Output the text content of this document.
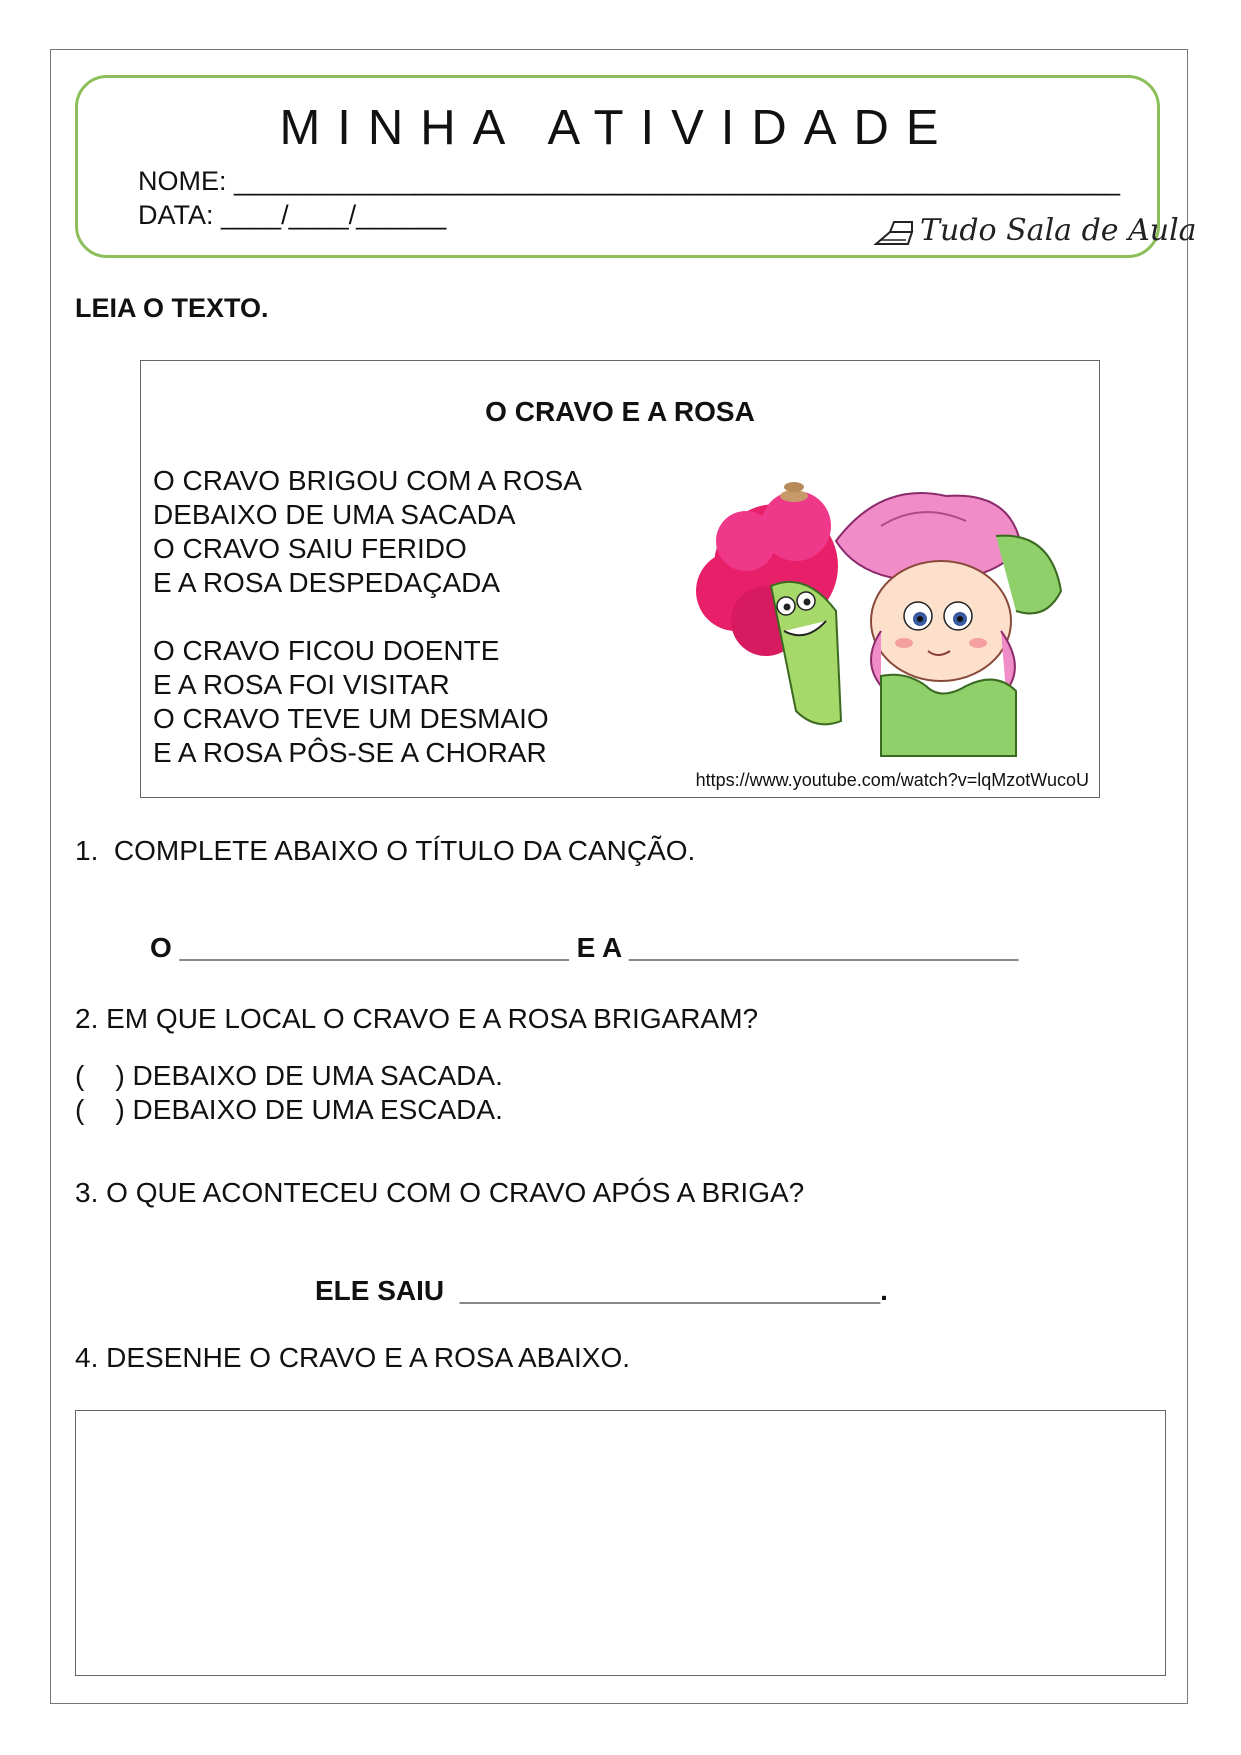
MINHA ATIVIDADE
NOME: ___________________________________________________________
DATA: ____/____/______	Tudo Sala de Aula
LEIA O TEXTO.
O CRAVO E A ROSA
O CRAVO BRIGOU COM A ROSA
DEBAIXO DE UMA SACADA
O CRAVO SAIU FERIDO
E A ROSA DESPEDAÇADA
O CRAVO FICOU DOENTE
E A ROSA FOI VISITAR
O CRAVO TEVE UM DESMAIO
E A ROSA PÔS-SE A CHORAR
https://www.youtube.com/watch?v=lqMzotWucoU
1.  COMPLETE ABAIXO O TÍTULO DA CANÇÃO.
O _________________________ E A _________________________
2. EM QUE LOCAL O CRAVO E A ROSA BRIGARAM?
(    ) DEBAIXO DE UMA SACADA.
(    ) DEBAIXO DE UMA ESCADA.
3. O QUE ACONTECEU COM O CRAVO APÓS A BRIGA?
ELE SAIU  ___________________________.
4. DESENHE O CRAVO E A ROSA ABAIXO.
